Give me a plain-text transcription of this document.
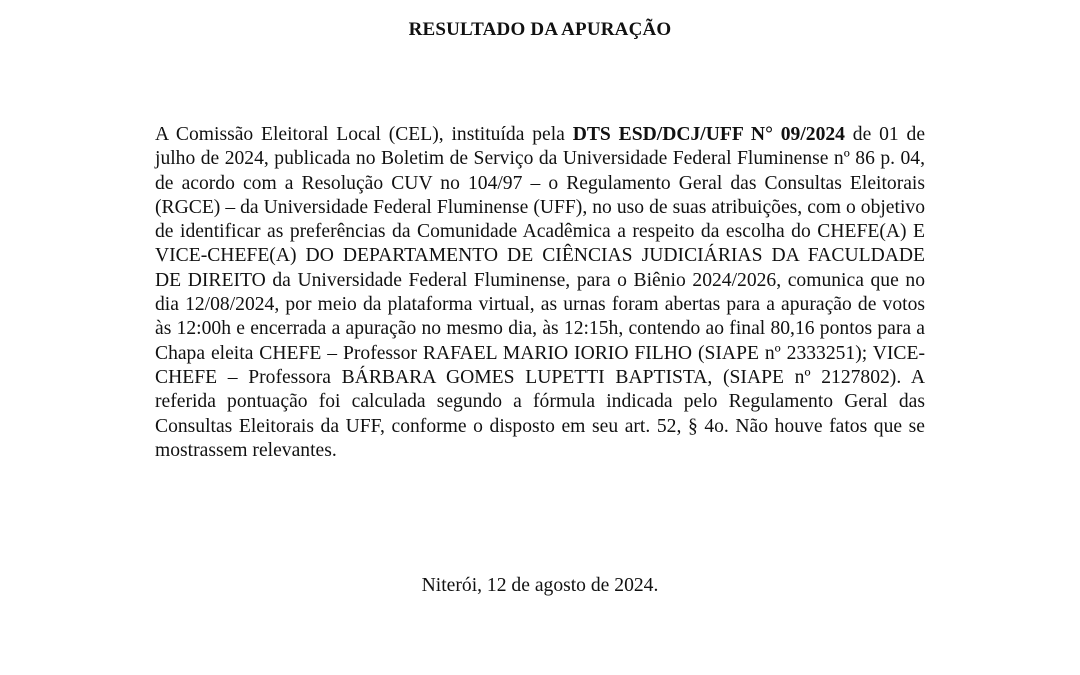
RESULTADO DA APURAÇÃO
A Comissão Eleitoral Local (CEL), instituída pela DTS ESD/DCJ/UFF N° 09/2024 de 01 de julho de 2024, publicada no Boletim de Serviço da Universidade Federal Fluminense nº 86 p. 04, de acordo com a Resolução CUV no 104/97 – o Regulamento Geral das Consultas Eleitorais (RGCE) – da Universidade Federal Fluminense (UFF), no uso de suas atribuições, com o objetivo de identificar as preferências da Comunidade Acadêmica a respeito da escolha do CHEFE(A) E VICE-CHEFE(A) DO DEPARTAMENTO DE CIÊNCIAS JUDICIÁRIAS DA FACULDADE DE DIREITO da Universidade Federal Fluminense, para o Biênio 2024/2026, comunica que no dia 12/08/2024, por meio da plataforma virtual, as urnas foram abertas para a apuração de votos às 12:00h e encerrada a apuração no mesmo dia, às 12:15h, contendo ao final 80,16 pontos para a Chapa eleita CHEFE – Professor RAFAEL MARIO IORIO FILHO (SIAPE nº 2333251); VICE-CHEFE – Professora BÁRBARA GOMES LUPETTI BAPTISTA, (SIAPE nº 2127802). A referida pontuação foi calculada segundo a fórmula indicada pelo Regulamento Geral das Consultas Eleitorais da UFF, conforme o disposto em seu art. 52, § 4o. Não houve fatos que se mostrassem relevantes.
Niterói, 12 de agosto de 2024.
